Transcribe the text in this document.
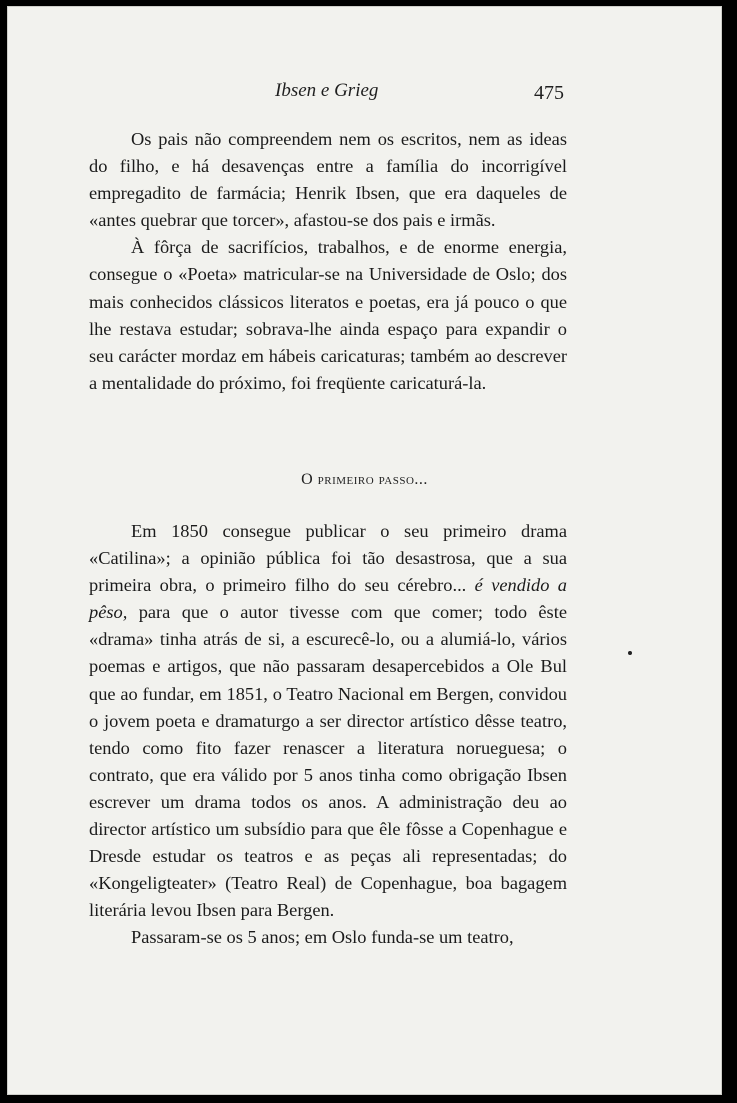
Ibsen e Grieg	475

Os pais não compreendem nem os escritos, nem as ideas do filho, e há desavenças entre a família do incorrigível empregadito de farmácia; Henrik Ibsen, que era daqueles de «antes quebrar que torcer», afastou-se dos pais e irmãs.

À fôrça de sacrifícios, trabalhos, e de enorme energia, consegue o «Poeta» matricular-se na Universidade de Oslo; dos mais conhecidos clássicos literatos e poetas, era já pouco o que lhe restava estudar; sobrava-lhe ainda espaço para expandir o seu carácter mordaz em hábeis caricaturas; também ao descrever a mentalidade do próximo, foi freqüente caricaturá-la.

O primeiro passo...

Em 1850 consegue publicar o seu primeiro drama «Catilina»; a opinião pública foi tão desastrosa, que a sua primeira obra, o primeiro filho do seu cérebro... é vendido a pêso, para que o autor tivesse com que comer; todo êste «drama» tinha atrás de si, a escurecê-lo, ou a alumiá-lo, vários poemas e artigos, que não passaram desapercebidos a Ole Bul que ao fundar, em 1851, o Teatro Nacional em Bergen, convidou o jovem poeta e dramaturgo a ser director artístico dêsse teatro, tendo como fito fazer renascer a literatura norueguesa; o contrato, que era válido por 5 anos tinha como obrigação Ibsen escrever um drama todos os anos. A administração deu ao director artístico um subsídio para que êle fôsse a Copenhague e Dresde estudar os teatros e as peças ali representadas; do «Kongeligteater» (Teatro Real) de Copenhague, boa bagagem literária levou Ibsen para Bergen.

Passaram-se os 5 anos; em Oslo funda-se um teatro,
